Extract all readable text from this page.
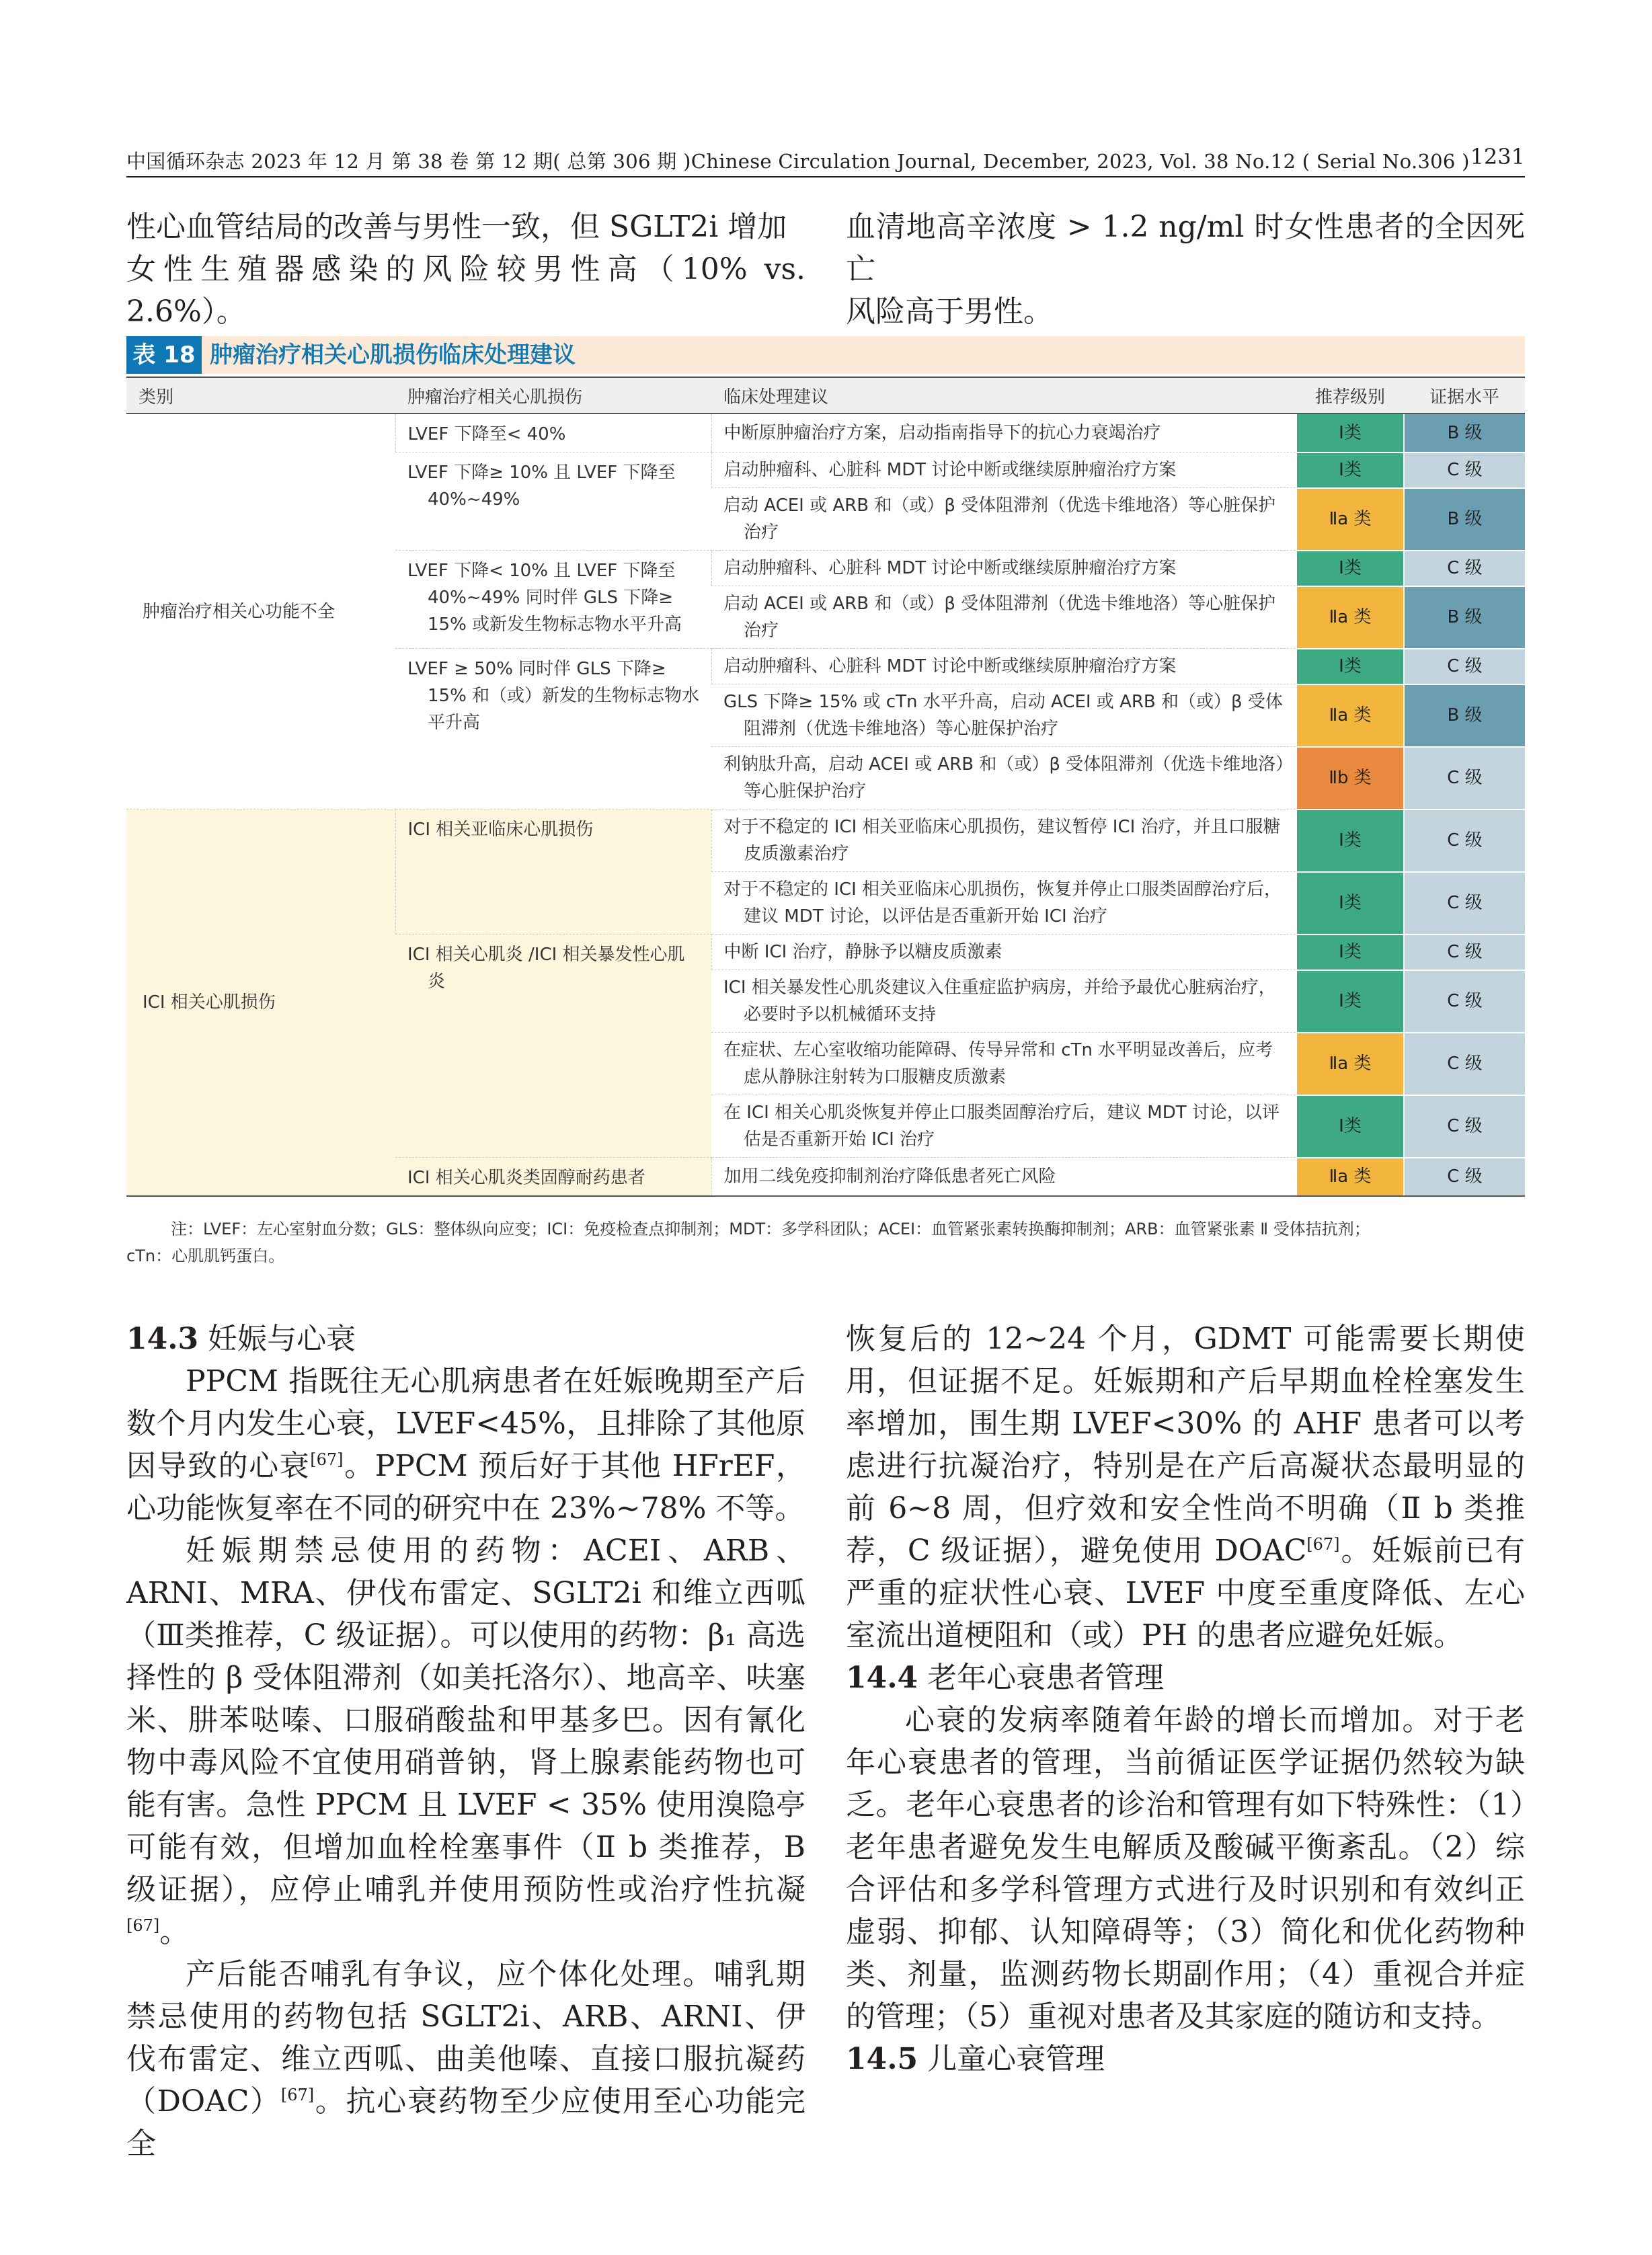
中国循环杂志 2023 年 12 月 第 38 卷 第 12 期( 总第 306 期 )Chinese Circulation Journal, December, 2023, Vol. 38 No.12 ( Serial No.306 ) 1231

性心血管结局的改善与男性一致，但 SGLT2i 增加

女性生殖器感染的风险较男性高（10% vs. 2.6%）。

血清地高辛浓度 > 1.2 ng/ml 时女性患者的全因死亡

风险高于男性。

表 18 肿瘤治疗相关心肌损伤临床处理建议
类别	肿瘤治疗相关心肌损伤	临床处理建议	推荐级别	证据水平
肿瘤治疗相关心功能不全	LVEF 下降至< 40%	中断原肿瘤治疗方案，启动指南指导下的抗心力衰竭治疗	Ⅰ类	B 级

	LVEF 下降≥ 10% 且 LVEF 下降至 40%~49%	启动肿瘤科、心脏科 MDT 讨论中断或继续原肿瘤治疗方案	Ⅰ类	C 级

		启动 ACEI 或 ARB 和（或）β 受体阻滞剂（优选卡维地洛）等心脏保护治疗	Ⅱa 类	B 级

	LVEF 下降< 10% 且 LVEF 下降至 40%~49% 同时伴 GLS 下降≥ 15% 或新发生物标志物水平升高	启动肿瘤科、心脏科 MDT 讨论中断或继续原肿瘤治疗方案	Ⅰ类	C 级

		启动 ACEI 或 ARB 和（或）β 受体阻滞剂（优选卡维地洛）等心脏保护治疗	Ⅱa 类	B 级

	LVEF ≥ 50% 同时伴 GLS 下降≥ 15% 和（或）新发的生物标志物水平升高	启动肿瘤科、心脏科 MDT 讨论中断或继续原肿瘤治疗方案	Ⅰ类	C 级

		GLS 下降≥ 15% 或 cTn 水平升高，启动 ACEI 或 ARB 和（或）β 受体阻滞剂（优选卡维地洛）等心脏保护治疗	Ⅱa 类	B 级

		利钠肽升高，启动 ACEI 或 ARB 和（或）β 受体阻滞剂（优选卡维地洛）等心脏保护治疗	Ⅱb 类	C 级
ICI 相关心肌损伤	ICI 相关亚临床心肌损伤	对于不稳定的 ICI 相关亚临床心肌损伤，建议暂停 ICI 治疗，并且口服糖皮质激素治疗	Ⅰ类	C 级

		对于不稳定的 ICI 相关亚临床心肌损伤，恢复并停止口服类固醇治疗后，建议 MDT 讨论，以评估是否重新开始 ICI 治疗	Ⅰ类	C 级

	ICI 相关心肌炎 /ICI 相关暴发性心肌炎	中断 ICI 治疗，静脉予以糖皮质激素	Ⅰ类	C 级

		ICI 相关暴发性心肌炎建议入住重症监护病房，并给予最优心脏病治疗，必要时予以机械循环支持	Ⅰ类	C 级

		在症状、左心室收缩功能障碍、传导异常和 cTn 水平明显改善后，应考虑从静脉注射转为口服糖皮质激素	Ⅱa 类	C 级

		在 ICI 相关心肌炎恢复并停止口服类固醇治疗后，建议 MDT 讨论，以评估是否重新开始 ICI 治疗	Ⅰ类	C 级

	ICI 相关心肌炎类固醇耐药患者	加用二线免疫抑制剂治疗降低患者死亡风险	Ⅱa 类	C 级
注：LVEF：左心室射血分数；GLS：整体纵向应变；ICI：免疫检查点抑制剂；MDT：多学科团队；ACEI：血管紧张素转换酶抑制剂；ARB：血管紧张素 Ⅱ 受体拮抗剂；
cTn：心肌肌钙蛋白。

14.3 妊娠与心衰

PPCM 指既往无心肌病患者在妊娠晚期至产后数个月内发生心衰，LVEF<45%，且排除了其他原因导致的心衰[67]。PPCM 预后好于其他 HFrEF，心功能恢复率在不同的研究中在 23%~78% 不等。

妊娠期禁忌使用的药物：ACEI、ARB、ARNI、MRA、伊伐布雷定、SGLT2i 和维立西呱（Ⅲ类推荐，C 级证据）。可以使用的药物：β₁ 高选择性的 β 受体阻滞剂（如美托洛尔）、地高辛、呋塞米、肼苯哒嗪、口服硝酸盐和甲基多巴。因有氰化物中毒风险不宜使用硝普钠，肾上腺素能药物也可能有害。急性 PPCM 且 LVEF < 35% 使用溴隐亭可能有效，但增加血栓栓塞事件（Ⅱ b 类推荐，B 级证据），应停止哺乳并使用预防性或治疗性抗凝[67]。

产后能否哺乳有争议，应个体化处理。哺乳期禁忌使用的药物包括 SGLT2i、ARB、ARNI、伊伐布雷定、维立西呱、曲美他嗪、直接口服抗凝药（DOAC）[67]。抗心衰药物至少应使用至心功能完全

恢复后的 12~24 个月，GDMT 可能需要长期使用，但证据不足。妊娠期和产后早期血栓栓塞发生率增加，围生期 LVEF<30% 的 AHF 患者可以考虑进行抗凝治疗，特别是在产后高凝状态最明显的前 6~8 周，但疗效和安全性尚不明确（Ⅱ b 类推荐，C 级证据），避免使用 DOAC[67]。妊娠前已有严重的症状性心衰、LVEF 中度至重度降低、左心室流出道梗阻和（或）PH 的患者应避免妊娠。

14.4 老年心衰患者管理

心衰的发病率随着年龄的增长而增加。对于老年心衰患者的管理，当前循证医学证据仍然较为缺乏。老年心衰患者的诊治和管理有如下特殊性：（1）老年患者避免发生电解质及酸碱平衡紊乱。（2）综合评估和多学科管理方式进行及时识别和有效纠正虚弱、抑郁、认知障碍等；（3）简化和优化药物种类、剂量，监测药物长期副作用；（4）重视合并症的管理；（5）重视对患者及其家庭的随访和支持。

14.5 儿童心衰管理
